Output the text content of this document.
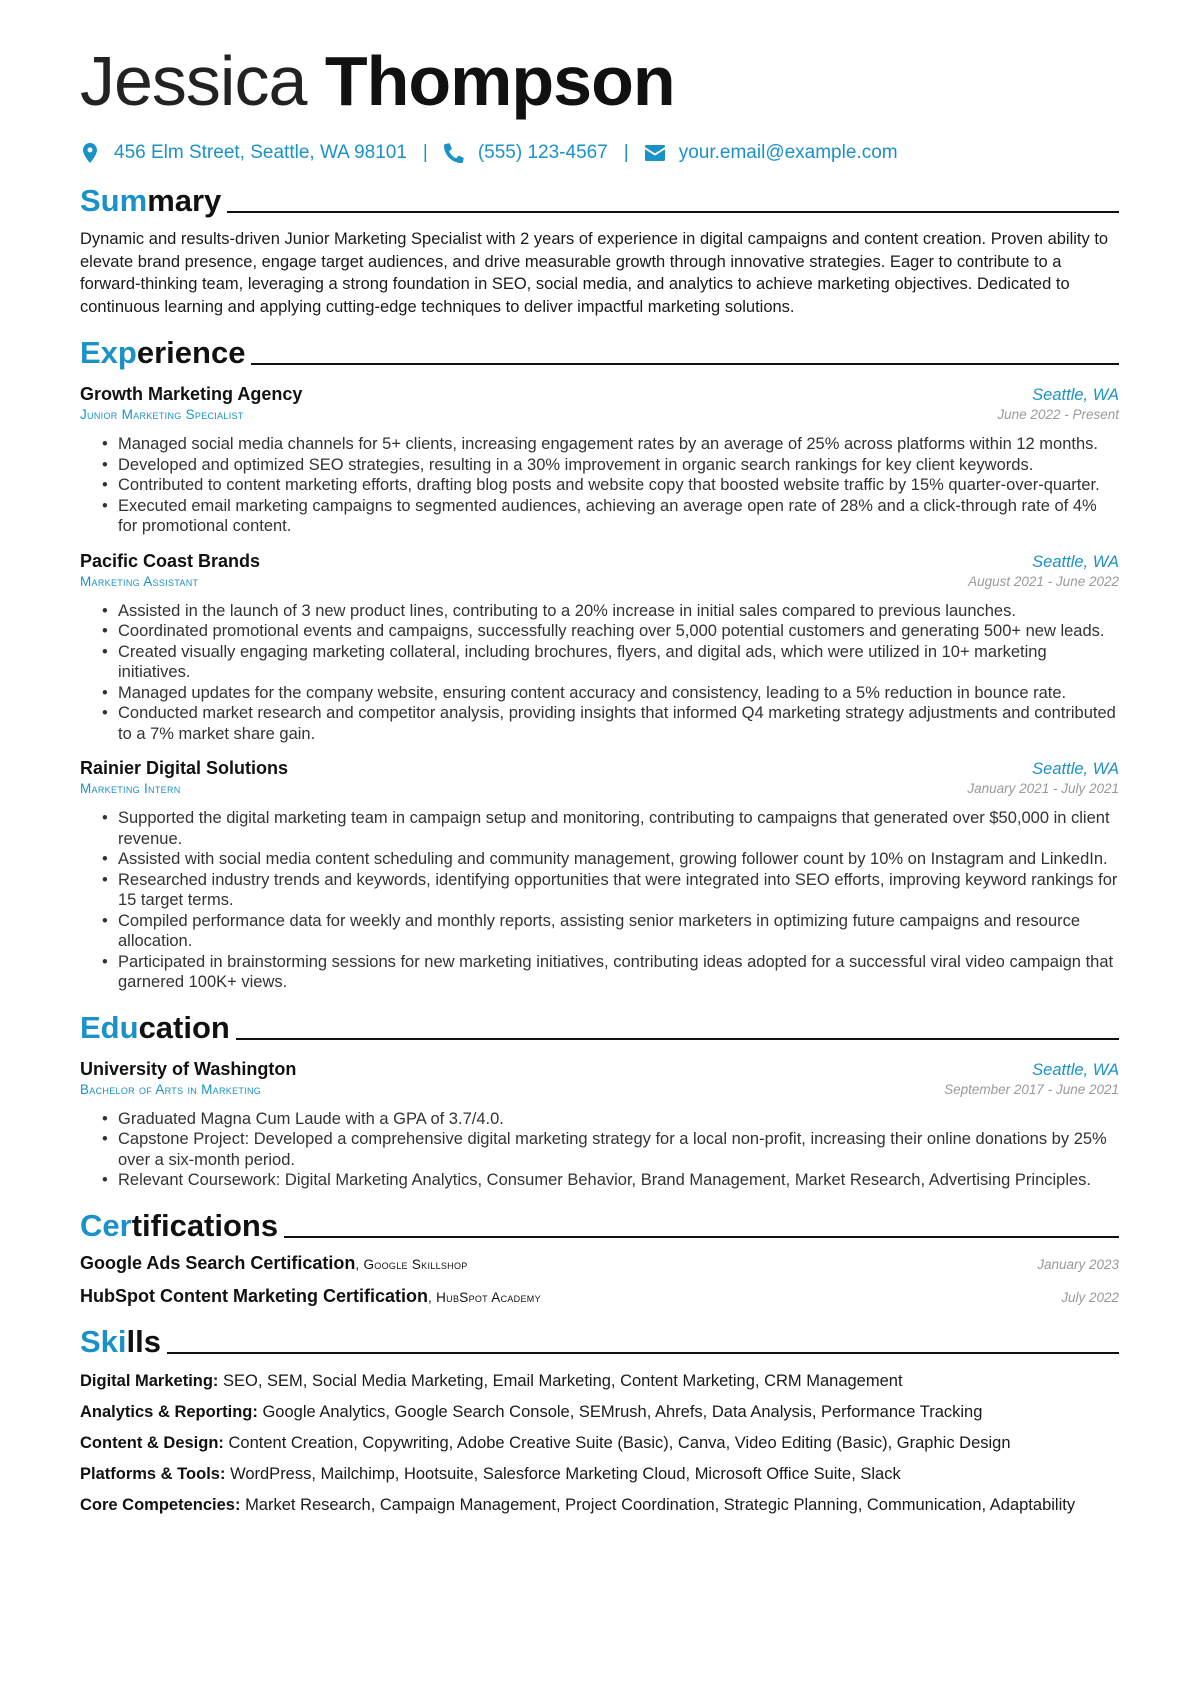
Jessica Thompson
456 Elm Street, Seattle, WA 98101 |	(555) 123-4567 |	your.email@example.com
Summary

Dynamic and results-driven Junior Marketing Specialist with 2 years of experience in digital campaigns and content creation. Proven ability to elevate brand presence, engage target audiences, and drive measurable growth through innovative strategies. Eager to contribute to a forward-thinking team, leveraging a strong foundation in SEO, social media, and analytics to achieve marketing objectives. Dedicated to continuous learning and applying cutting-edge techniques to deliver impactful marketing solutions.

Experience
Growth Marketing Agency	Seattle, WA
Junior Marketing Specialist	June 2022 - Present
• Managed social media channels for 5+ clients, increasing engagement rates by an average of 25% across platforms within 12 months.
• Developed and optimized SEO strategies, resulting in a 30% improvement in organic search rankings for key client keywords.
• Contributed to content marketing efforts, drafting blog posts and website copy that boosted website traffic by 15% quarter-over-quarter.
• Executed email marketing campaigns to segmented audiences, achieving an average open rate of 28% and a click-through rate of 4% for promotional content.
Pacific Coast Brands	Seattle, WA
Marketing Assistant	August 2021 - June 2022
• Assisted in the launch of 3 new product lines, contributing to a 20% increase in initial sales compared to previous launches.
• Coordinated promotional events and campaigns, successfully reaching over 5,000 potential customers and generating 500+ new leads.
• Created visually engaging marketing collateral, including brochures, flyers, and digital ads, which were utilized in 10+ marketing initiatives.
• Managed updates for the company website, ensuring content accuracy and consistency, leading to a 5% reduction in bounce rate.
• Conducted market research and competitor analysis, providing insights that informed Q4 marketing strategy adjustments and contributed to a 7% market share gain.
Rainier Digital Solutions	Seattle, WA
Marketing Intern	January 2021 - July 2021
• Supported the digital marketing team in campaign setup and monitoring, contributing to campaigns that generated over $50,000 in client revenue.
• Assisted with social media content scheduling and community management, growing follower count by 10% on Instagram and LinkedIn.
• Researched industry trends and keywords, identifying opportunities that were integrated into SEO efforts, improving keyword rankings for 15 target terms.
• Compiled performance data for weekly and monthly reports, assisting senior marketers in optimizing future campaigns and resource allocation.
• Participated in brainstorming sessions for new marketing initiatives, contributing ideas adopted for a successful viral video campaign that garnered 100K+ views.
Education
University of Washington	Seattle, WA
Bachelor of Arts in Marketing	September 2017 - June 2021
• Graduated Magna Cum Laude with a GPA of 3.7/4.0.
• Capstone Project: Developed a comprehensive digital marketing strategy for a local non-profit, increasing their online donations by 25% over a six-month period.
• Relevant Coursework: Digital Marketing Analytics, Consumer Behavior, Brand Management, Market Research, Advertising Principles.
Certifications
Google Ads Search Certification, Google Skillshop	January 2023
HubSpot Content Marketing Certification, HubSpot Academy	July 2022
Skills

Digital Marketing: SEO, SEM, Social Media Marketing, Email Marketing, Content Marketing, CRM Management

Analytics & Reporting: Google Analytics, Google Search Console, SEMrush, Ahrefs, Data Analysis, Performance Tracking

Content & Design: Content Creation, Copywriting, Adobe Creative Suite (Basic), Canva, Video Editing (Basic), Graphic Design

Platforms & Tools: WordPress, Mailchimp, Hootsuite, Salesforce Marketing Cloud, Microsoft Office Suite, Slack

Core Competencies: Market Research, Campaign Management, Project Coordination, Strategic Planning, Communication, Adaptability
